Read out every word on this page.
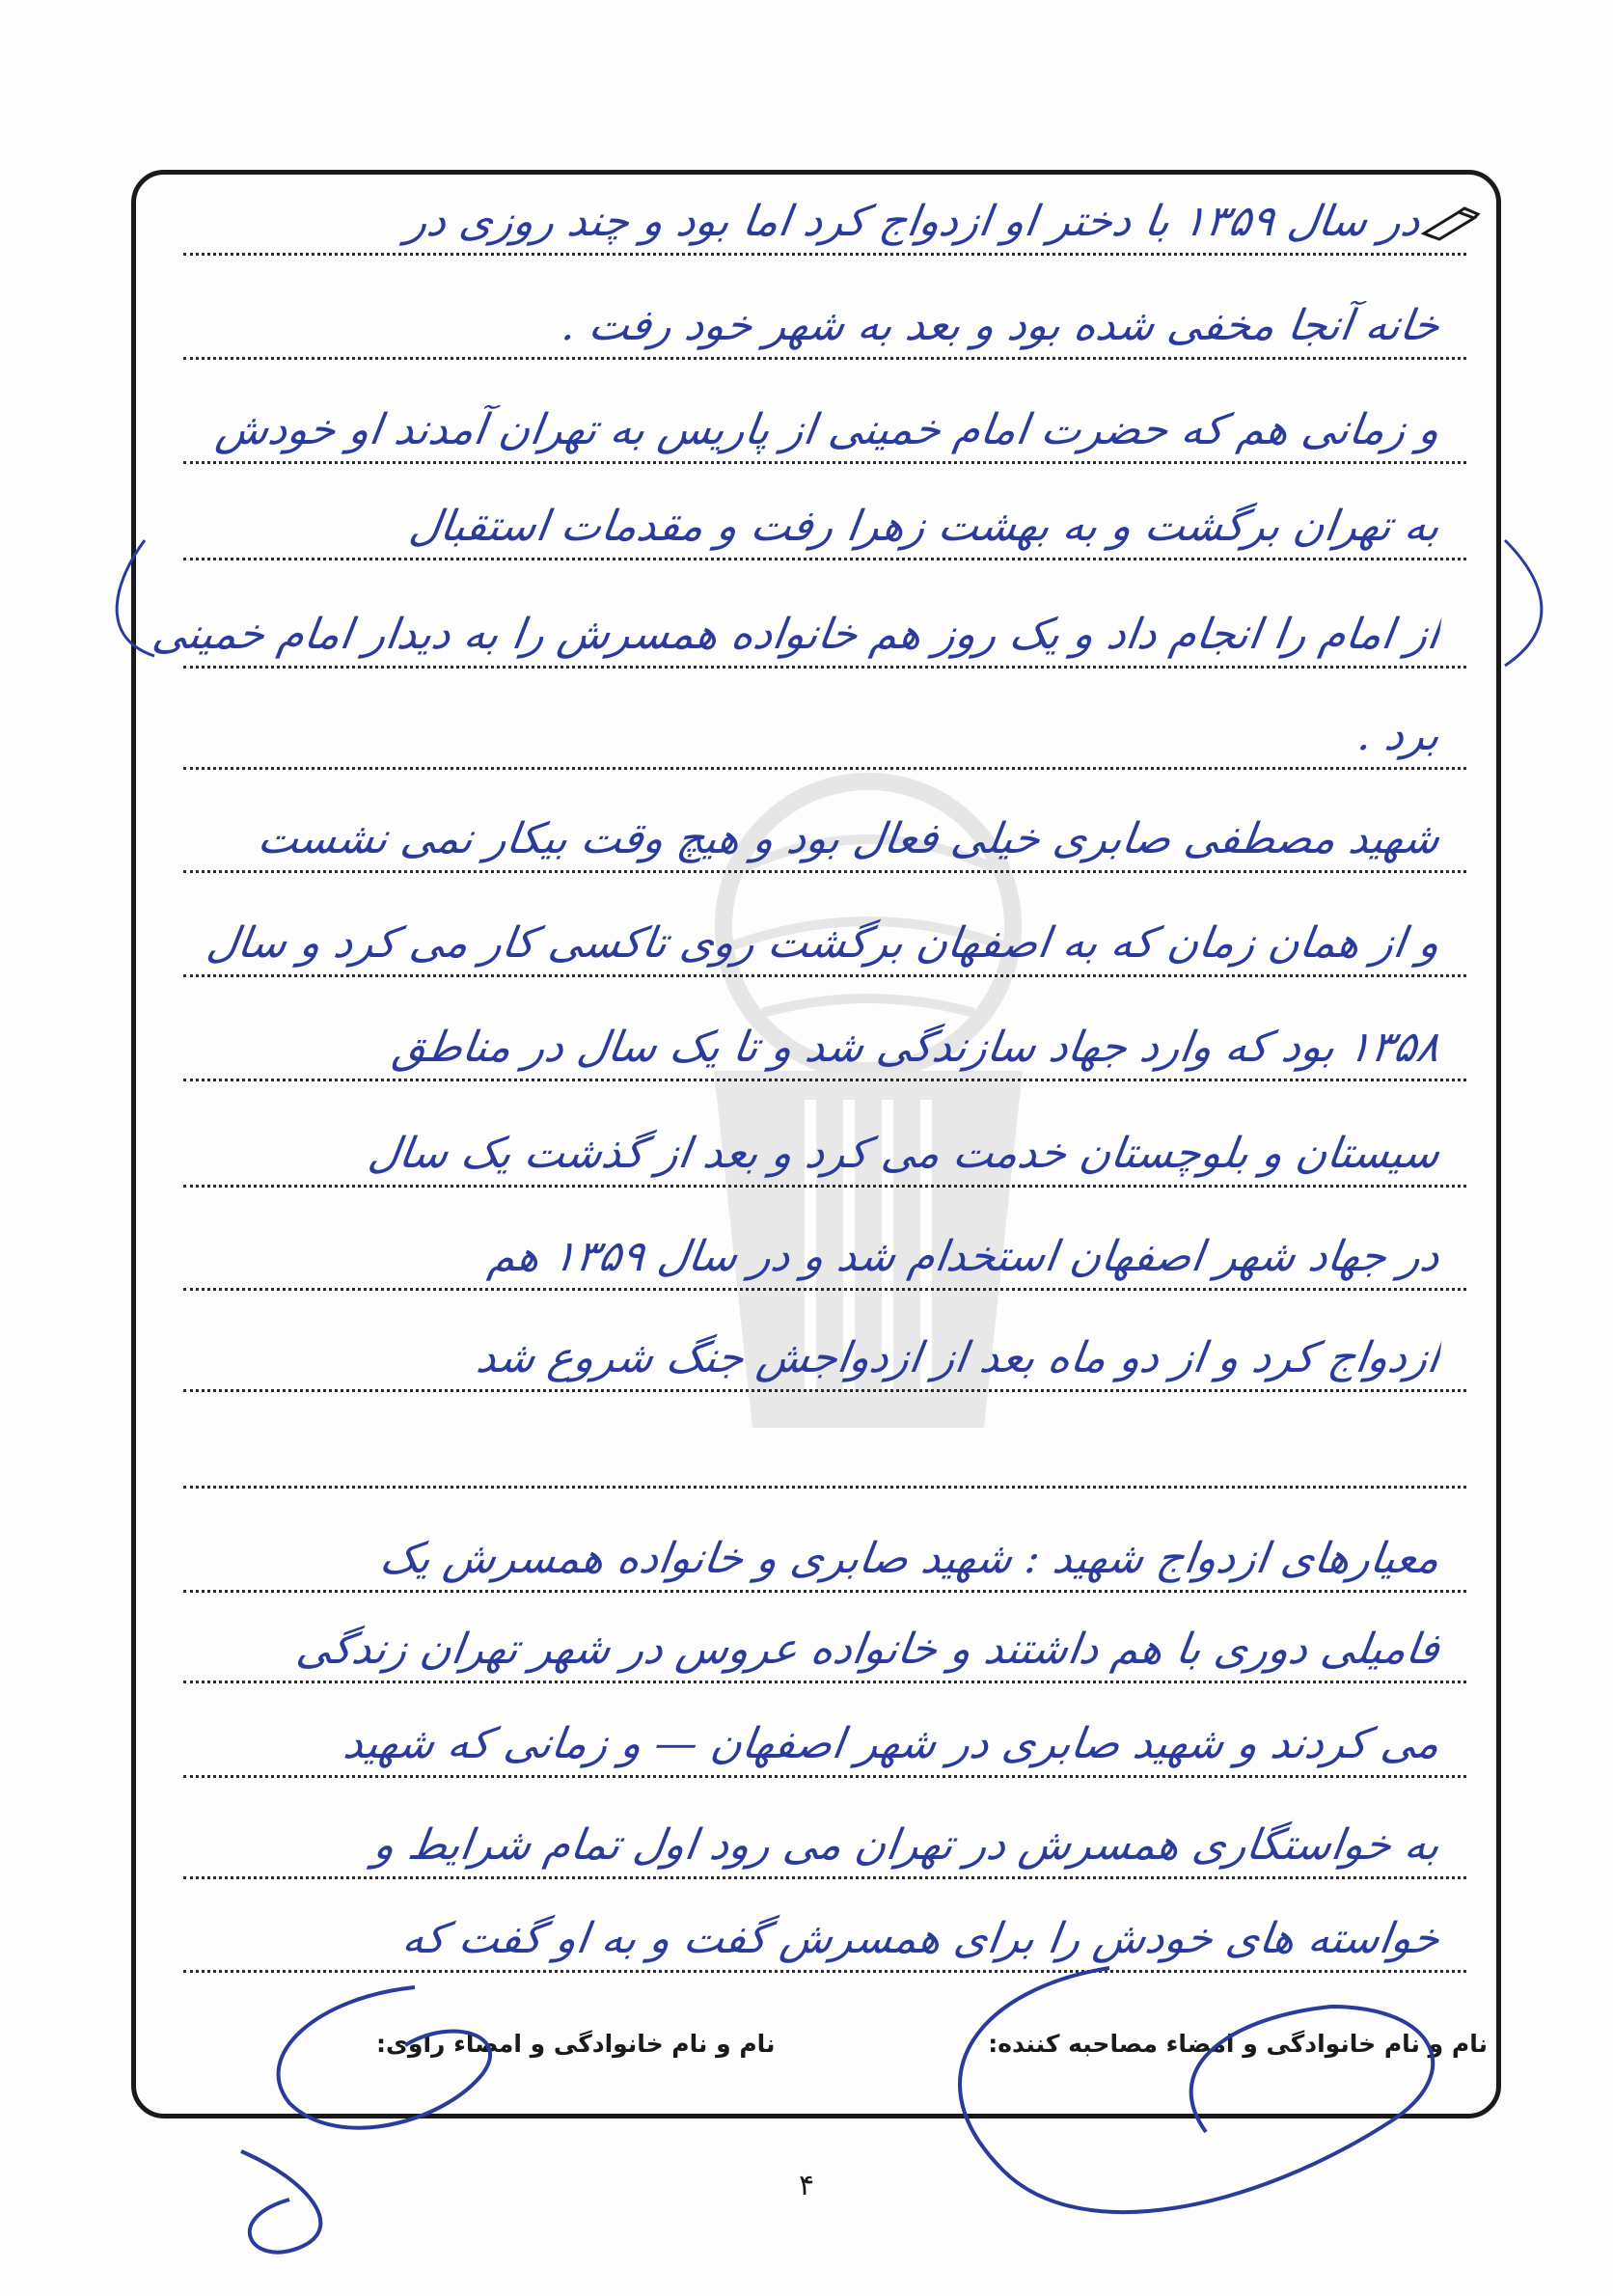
در سال ۱۳۵۹ با دختر او ازدواج کرد اما بود و چند روزی در
خانه آنجا مخفی شده بود و بعد به شهر خود رفت .
و زمانی هم که حضرت امام خمینی از پاریس به تهران آمدند او خودش
به تهران برگشت و به بهشت زهرا رفت و مقدمات استقبال
از امام را انجام داد و یک روز هم خانواده همسرش را به دیدار امام خمینی
برد .
شهید مصطفی صابری خیلی فعال بود و هیچ وقت بیکار نمی نشست
و از همان زمان که به اصفهان برگشت روی تاکسی کار می کرد و سال
۱۳۵۸ بود که وارد جهاد سازندگی شد و تا یک سال در مناطق
سیستان و بلوچستان خدمت می کرد و بعد از گذشت یک سال
در جهاد شهر اصفهان استخدام شد و در سال ۱۳۵۹ هم
ازدواج کرد و از دو ماه بعد از ازدواجش جنگ شروع شد
معیارهای ازدواج شهید : شهید صابری و خانواده همسرش یک
فامیلی دوری با هم داشتند و خانواده عروس در شهر تهران زندگی
می کردند و شهید صابری در شهر اصفهان — و زمانی که شهید
به خواستگاری همسرش در تهران می رود اول تمام شرایط و
خواسته های خودش را برای همسرش گفت و به او گفت که
نام و نام خانوادگی و امضاء مصاحبه کننده:
نام و نام خانوادگی و امضاء راوی:
۴
